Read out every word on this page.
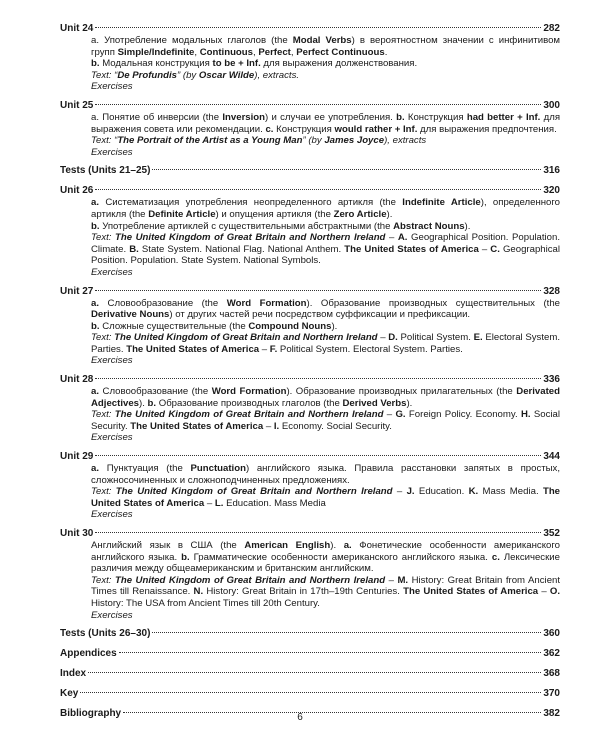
Unit 24	282

a. Употребление модальных глаголов (the Modal Verbs) в вероятностном значении с инфинитивом групп Simple/Indefinite, Continuous, Perfect, Perfect Continuous.

b. Модальная конструкция to be + Inf. для выражения долженствования.

Text: “De Profundis” (by Oscar Wilde), extracts.

Exercises

Unit 25	300

a. Понятие об инверсии (the Inversion) и случаи ее употребления. b. Конструкция had better + Inf. для выражения совета или рекомендации. c. Конструкция would rather + Inf. для выражения предпочтения.

Text: “The Portrait of the Artist as a Young Man” (by James Joyce), extracts

Exercises

Tests (Units 21–25)	316
Unit 26	320

a. Систематизация употребления неопределенного артикля (the Indefinite Article), определенного артикля (the Definite Article) и опущения артикля (the Zero Article).

b. Употребление артиклей с существительными абстрактными (the Abstract Nouns).

Text: The United Kingdom of Great Britain and Northern Ireland – A. Geographical Position. Population. Climate. B. State System. National Flag. National Anthem. The United States of America – C. Geographical Position. Population. State System. National Symbols.

Exercises

Unit 27	328

a. Словообразование (the Word Formation). Образование производных существительных (the Derivative Nouns) от других частей речи посредством суффиксации и префиксации.

b. Сложные существительные (the Compound Nouns).

Text: The United Kingdom of Great Britain and Northern Ireland – D. Political System. E. Electoral System. Parties. The United States of America – F. Political System. Electoral System. Parties.

Exercises

Unit 28	336

a. Словообразование (the Word Formation). Образование производных прилагательных (the Derivated Adjectives). b. Образование производных глаголов (the Derived Verbs).

Text: The United Kingdom of Great Britain and Northern Ireland – G. Foreign Policy. Economy. H. Social Security. The United States of America – I. Economy. Social Security.

Exercises

Unit 29	344

a. Пунктуация (the Punctuation) английского языка. Правила расстановки запятых в простых, сложносочиненных и сложноподчиненных предложениях.

Text: The United Kingdom of Great Britain and Northern Ireland – J. Education. K. Mass Media. The United States of America – L. Education. Mass Media

Exercises

Unit 30	352

Английский язык в США (the American English). a. Фонетические особенности американского английского языка. b. Грамматические особенности американского английского языка. c. Лексические различия между общеамериканским и британским английским.

Text: The United Kingdom of Great Britain and Northern Ireland – M. History: Great Britain from Ancient Times till Renaissance. N. History: Great Britain in 17th–19th Centuries. The United States of America – O. History: The USA from Ancient Times till 20th Century.

Exercises

Tests (Units 26–30)	360
Appendices	362
Index	368
Key	370
Bibliography	382
6
